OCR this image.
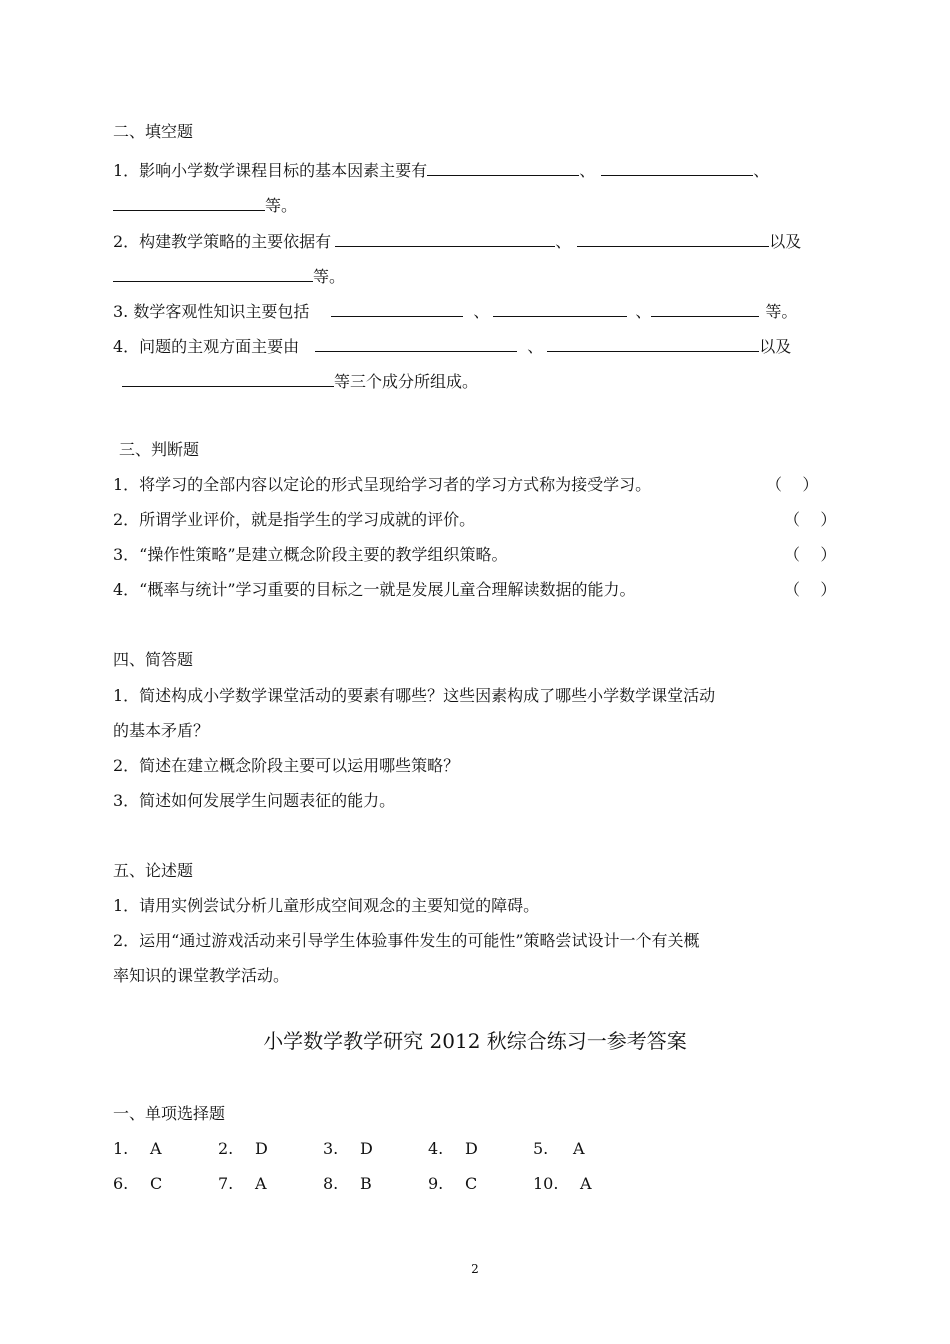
二、填空题
1．影响小学数学课程目标的基本因素主要有	、	、
等。
2．构建教学策略的主要依据有	、	以及
等。
3. 数学客观性知识主要包括	、	、	等。
4．问题的主观方面主要由	、	以及
等三个成分所组成。
三、判断题
1．将学习的全部内容以定论的形式呈现给学习者的学习方式称为接受学习。	（    ）
2．所谓学业评价，就是指学生的学习成就的评价。	（    ）
3．“操作性策略”是建立概念阶段主要的教学组织策略。	（    ）
4．“概率与统计”学习重要的目标之一就是发展儿童合理解读数据的能力。	（    ）
四、简答题
1．简述构成小学数学课堂活动的要素有哪些？这些因素构成了哪些小学数学课堂活动
的基本矛盾？
2．简述在建立概念阶段主要可以运用哪些策略？
3．简述如何发展学生问题表征的能力。
五、论述题
1．请用实例尝试分析儿童形成空间观念的主要知觉的障碍。
2．运用“通过游戏活动来引导学生体验事件发生的可能性”策略尝试设计一个有关概
率知识的课堂教学活动。
小学数学教学研究 2012 秋综合练习一参考答案
一、单项选择题
1. A	2. D	3. D	4. D	5. A
6. C	7. A	8. B	9. C	10. A
2
